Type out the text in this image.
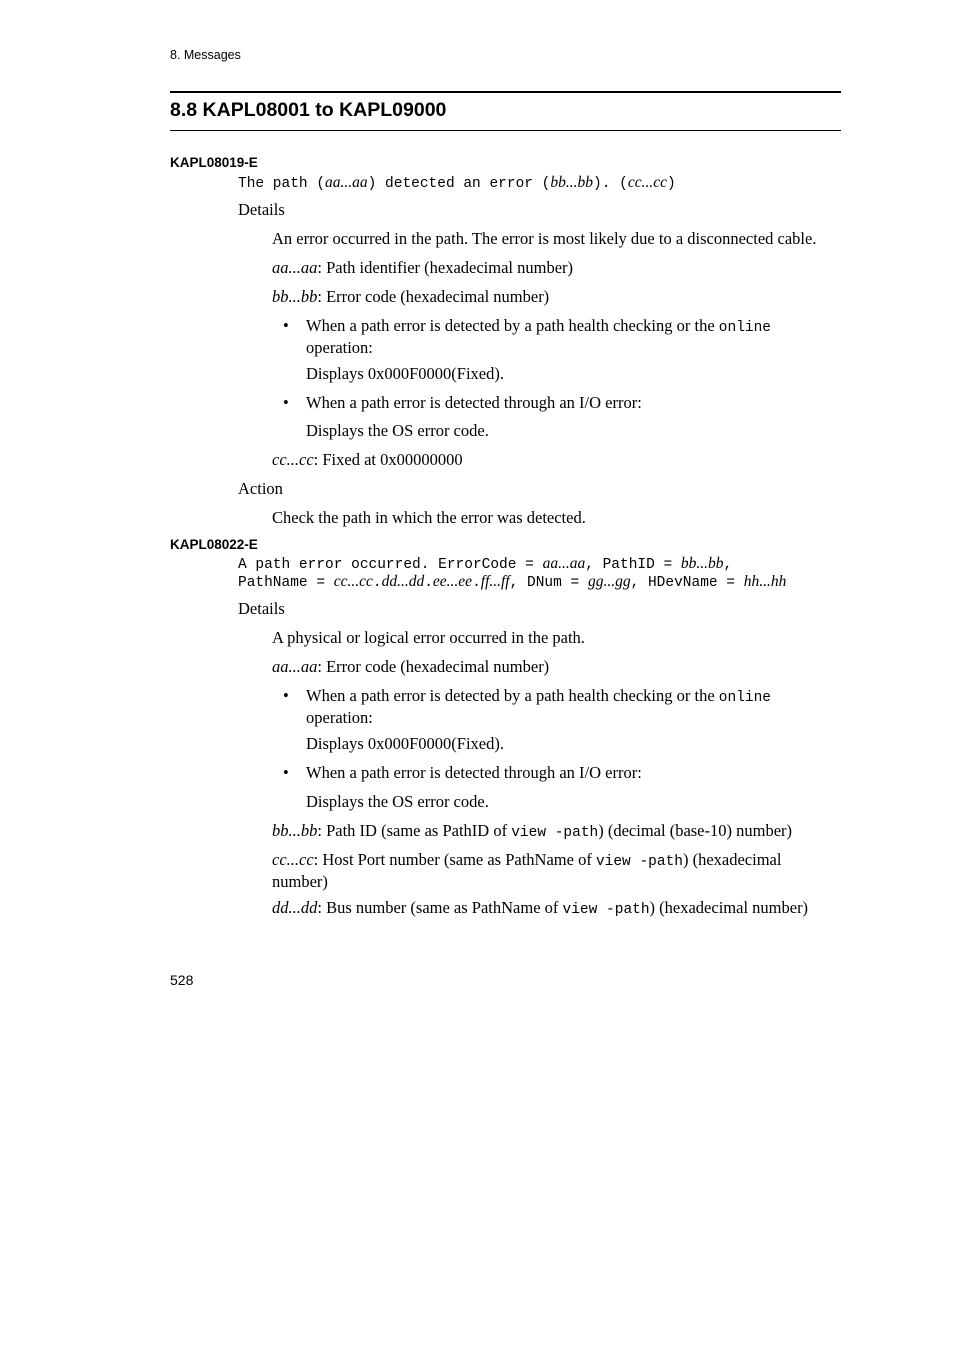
8. Messages
8.8 KAPL08001 to KAPL09000
KAPL08019-E
The path (aa...aa) detected an error (bb...bb). (cc...cc)
Details
An error occurred in the path. The error is most likely due to a disconnected cable.
aa...aa: Path identifier (hexadecimal number)
bb...bb: Error code (hexadecimal number)
• When a path error is detected by a path health checking or the online
operation:
Displays 0x000F0000(Fixed).
• When a path error is detected through an I/O error:
Displays the OS error code.
cc...cc: Fixed at 0x00000000
Action
Check the path in which the error was detected.
KAPL08022-E
A path error occurred. ErrorCode = aa...aa, PathID = bb...bb,
PathName = cc...cc.dd...dd.ee...ee.ff...ff, DNum = gg...gg, HDevName = hh...hh
Details
A physical or logical error occurred in the path.
aa...aa: Error code (hexadecimal number)
• When a path error is detected by a path health checking or the online
operation:
Displays 0x000F0000(Fixed).
• When a path error is detected through an I/O error:
Displays the OS error code.
bb...bb: Path ID (same as PathID of view -path) (decimal (base-10) number)
cc...cc: Host Port number (same as PathName of view -path) (hexadecimal number)
dd...dd: Bus number (same as PathName of view -path) (hexadecimal number)
528
